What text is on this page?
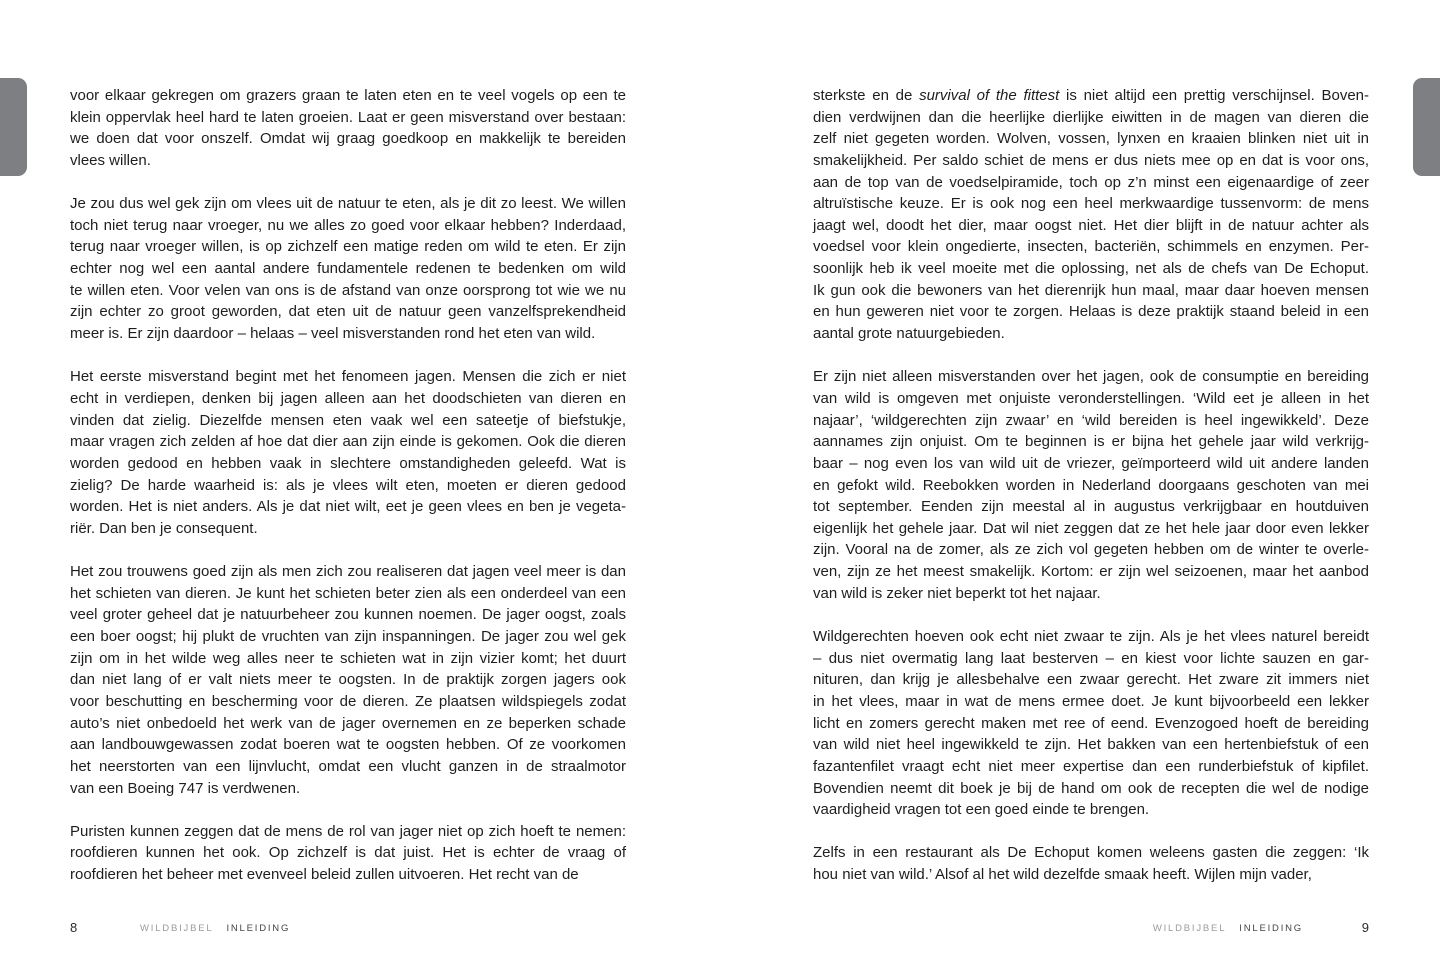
voor elkaar gekregen om grazers graan te laten eten en te veel vogels op een te
klein oppervlak heel hard te laten groeien. Laat er geen misverstand over bestaan:
we doen dat voor onszelf. Omdat wij graag goedkoop en makkelijk te bereiden
vlees willen.
Je zou dus wel gek zijn om vlees uit de natuur te eten, als je dit zo leest. We willen
toch niet terug naar vroeger, nu we alles zo goed voor elkaar hebben? Inderdaad,
terug naar vroeger willen, is op zichzelf een matige reden om wild te eten. Er zijn
echter nog wel een aantal andere fundamentele redenen te bedenken om wild
te willen eten. Voor velen van ons is de afstand van onze oorsprong tot wie we nu
zijn echter zo groot geworden, dat eten uit de natuur geen vanzelfsprekendheid
meer is. Er zijn daardoor – helaas – veel misverstanden rond het eten van wild.
Het eerste misverstand begint met het fenomeen jagen. Mensen die zich er niet
echt in verdiepen, denken bij jagen alleen aan het doodschieten van dieren en
vinden dat zielig. Diezelfde mensen eten vaak wel een sateetje of biefstukje,
maar vragen zich zelden af hoe dat dier aan zijn einde is gekomen. Ook die dieren
worden gedood en hebben vaak in slechtere omstandigheden geleefd. Wat is
zielig? De harde waarheid is: als je vlees wilt eten, moeten er dieren gedood
worden. Het is niet anders. Als je dat niet wilt, eet je geen vlees en ben je vegeta-
riër. Dan ben je consequent.
Het zou trouwens goed zijn als men zich zou realiseren dat jagen veel meer is dan
het schieten van dieren. Je kunt het schieten beter zien als een onderdeel van een
veel groter geheel dat je natuurbeheer zou kunnen noemen. De jager oogst, zoals
een boer oogst; hij plukt de vruchten van zijn inspanningen. De jager zou wel gek
zijn om in het wilde weg alles neer te schieten wat in zijn vizier komt; het duurt
dan niet lang of er valt niets meer te oogsten. In de praktijk zorgen jagers ook
voor beschutting en bescherming voor de dieren. Ze plaatsen wildspiegels zodat
auto’s niet onbedoeld het werk van de jager overnemen en ze beperken schade
aan landbouwgewassen zodat boeren wat te oogsten hebben. Of ze voorkomen
het neerstorten van een lijnvlucht, omdat een vlucht ganzen in de straalmotor
van een Boeing 747 is verdwenen.
Puristen kunnen zeggen dat de mens de rol van jager niet op zich hoeft te nemen:
roofdieren kunnen het ook. Op zichzelf is dat juist. Het is echter de vraag of
roofdieren het beheer met evenveel beleid zullen uitvoeren. Het recht van de
sterkste en de survival of the fittest is niet altijd een prettig verschijnsel. Boven-
dien verdwijnen dan die heerlijke dierlijke eiwitten in de magen van dieren die
zelf niet gegeten worden. Wolven, vossen, lynxen en kraaien blinken niet uit in
smakelijkheid. Per saldo schiet de mens er dus niets mee op en dat is voor ons,
aan de top van de voedselpiramide, toch op z’n minst een eigenaardige of zeer
altruïstische keuze. Er is ook nog een heel merkwaardige tussenvorm: de mens
jaagt wel, doodt het dier, maar oogst niet. Het dier blijft in de natuur achter als
voedsel voor klein ongedierte, insecten, bacteriën, schimmels en enzymen. Per-
soonlijk heb ik veel moeite met die oplossing, net als de chefs van De Echoput.
Ik gun ook die bewoners van het dierenrijk hun maal, maar daar hoeven mensen
en hun geweren niet voor te zorgen. Helaas is deze praktijk staand beleid in een
aantal grote natuurgebieden.
Er zijn niet alleen misverstanden over het jagen, ook de consumptie en bereiding
van wild is omgeven met onjuiste veronderstellingen. ‘Wild eet je alleen in het
najaar’, ‘wildgerechten zijn zwaar’ en ‘wild bereiden is heel ingewikkeld’. Deze
aannames zijn onjuist. Om te beginnen is er bijna het gehele jaar wild verkrijg-
baar – nog even los van wild uit de vriezer, geïmporteerd wild uit andere landen
en gefokt wild. Reebokken worden in Nederland doorgaans geschoten van mei
tot september. Eenden zijn meestal al in augustus verkrijgbaar en houtduiven
eigenlijk het gehele jaar. Dat wil niet zeggen dat ze het hele jaar door even lekker
zijn. Vooral na de zomer, als ze zich vol gegeten hebben om de winter te overle-
ven, zijn ze het meest smakelijk. Kortom: er zijn wel seizoenen, maar het aanbod
van wild is zeker niet beperkt tot het najaar.
Wildgerechten hoeven ook echt niet zwaar te zijn. Als je het vlees naturel bereidt
– dus niet overmatig lang laat besterven – en kiest voor lichte sauzen en gar-
nituren, dan krijg je allesbehalve een zwaar gerecht. Het zware zit immers niet
in het vlees, maar in wat de mens ermee doet. Je kunt bijvoorbeeld een lekker
licht en zomers gerecht maken met ree of eend. Evenzogoed hoeft de bereiding
van wild niet heel ingewikkeld te zijn. Het bakken van een hertenbiefstuk of een
fazantenfilet vraagt echt niet meer expertise dan een runderbiefstuk of kipfilet.
Bovendien neemt dit boek je bij de hand om ook de recepten die wel de nodige
vaardigheid vragen tot een goed einde te brengen.
Zelfs in een restaurant als De Echoput komen weleens gasten die zeggen: ‘Ik
hou niet van wild.’ Alsof al het wild dezelfde smaak heeft. Wijlen mijn vader,
8	WILDBIJBEL INLEIDING	WILDBIJBEL INLEIDING	9
